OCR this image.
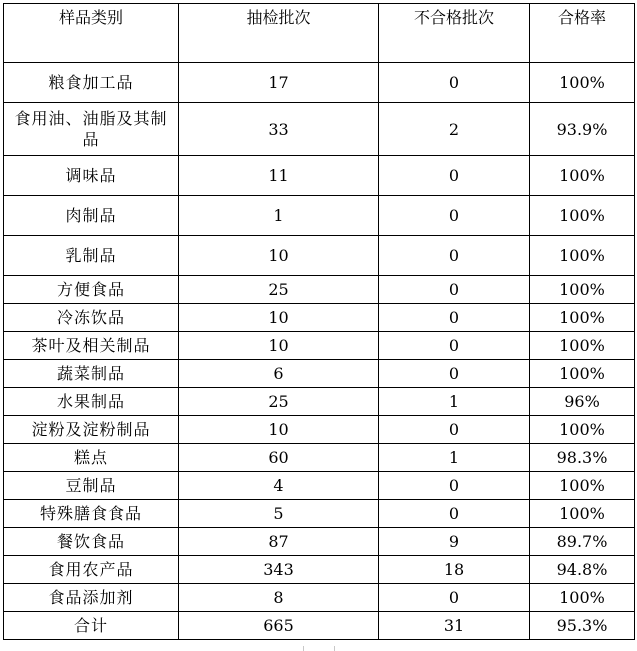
样品类别	抽检批次	不合格批次	合格率
粮食加工品	17	0	100%
食用油、油脂及其制品	33	2	93.9%
调味品	11	0	100%
肉制品	1	0	100%
乳制品	10	0	100%
方便食品	25	0	100%
冷冻饮品	10	0	100%
茶叶及相关制品	10	0	100%
蔬菜制品	6	0	100%
水果制品	25	1	96%
淀粉及淀粉制品	10	0	100%
糕点	60	1	98.3%
豆制品	4	0	100%
特殊膳食食品	5	0	100%
餐饮食品	87	9	89.7%
食用农产品	343	18	94.8%
食品添加剂	8	0	100%
合计	665	31	95.3%
